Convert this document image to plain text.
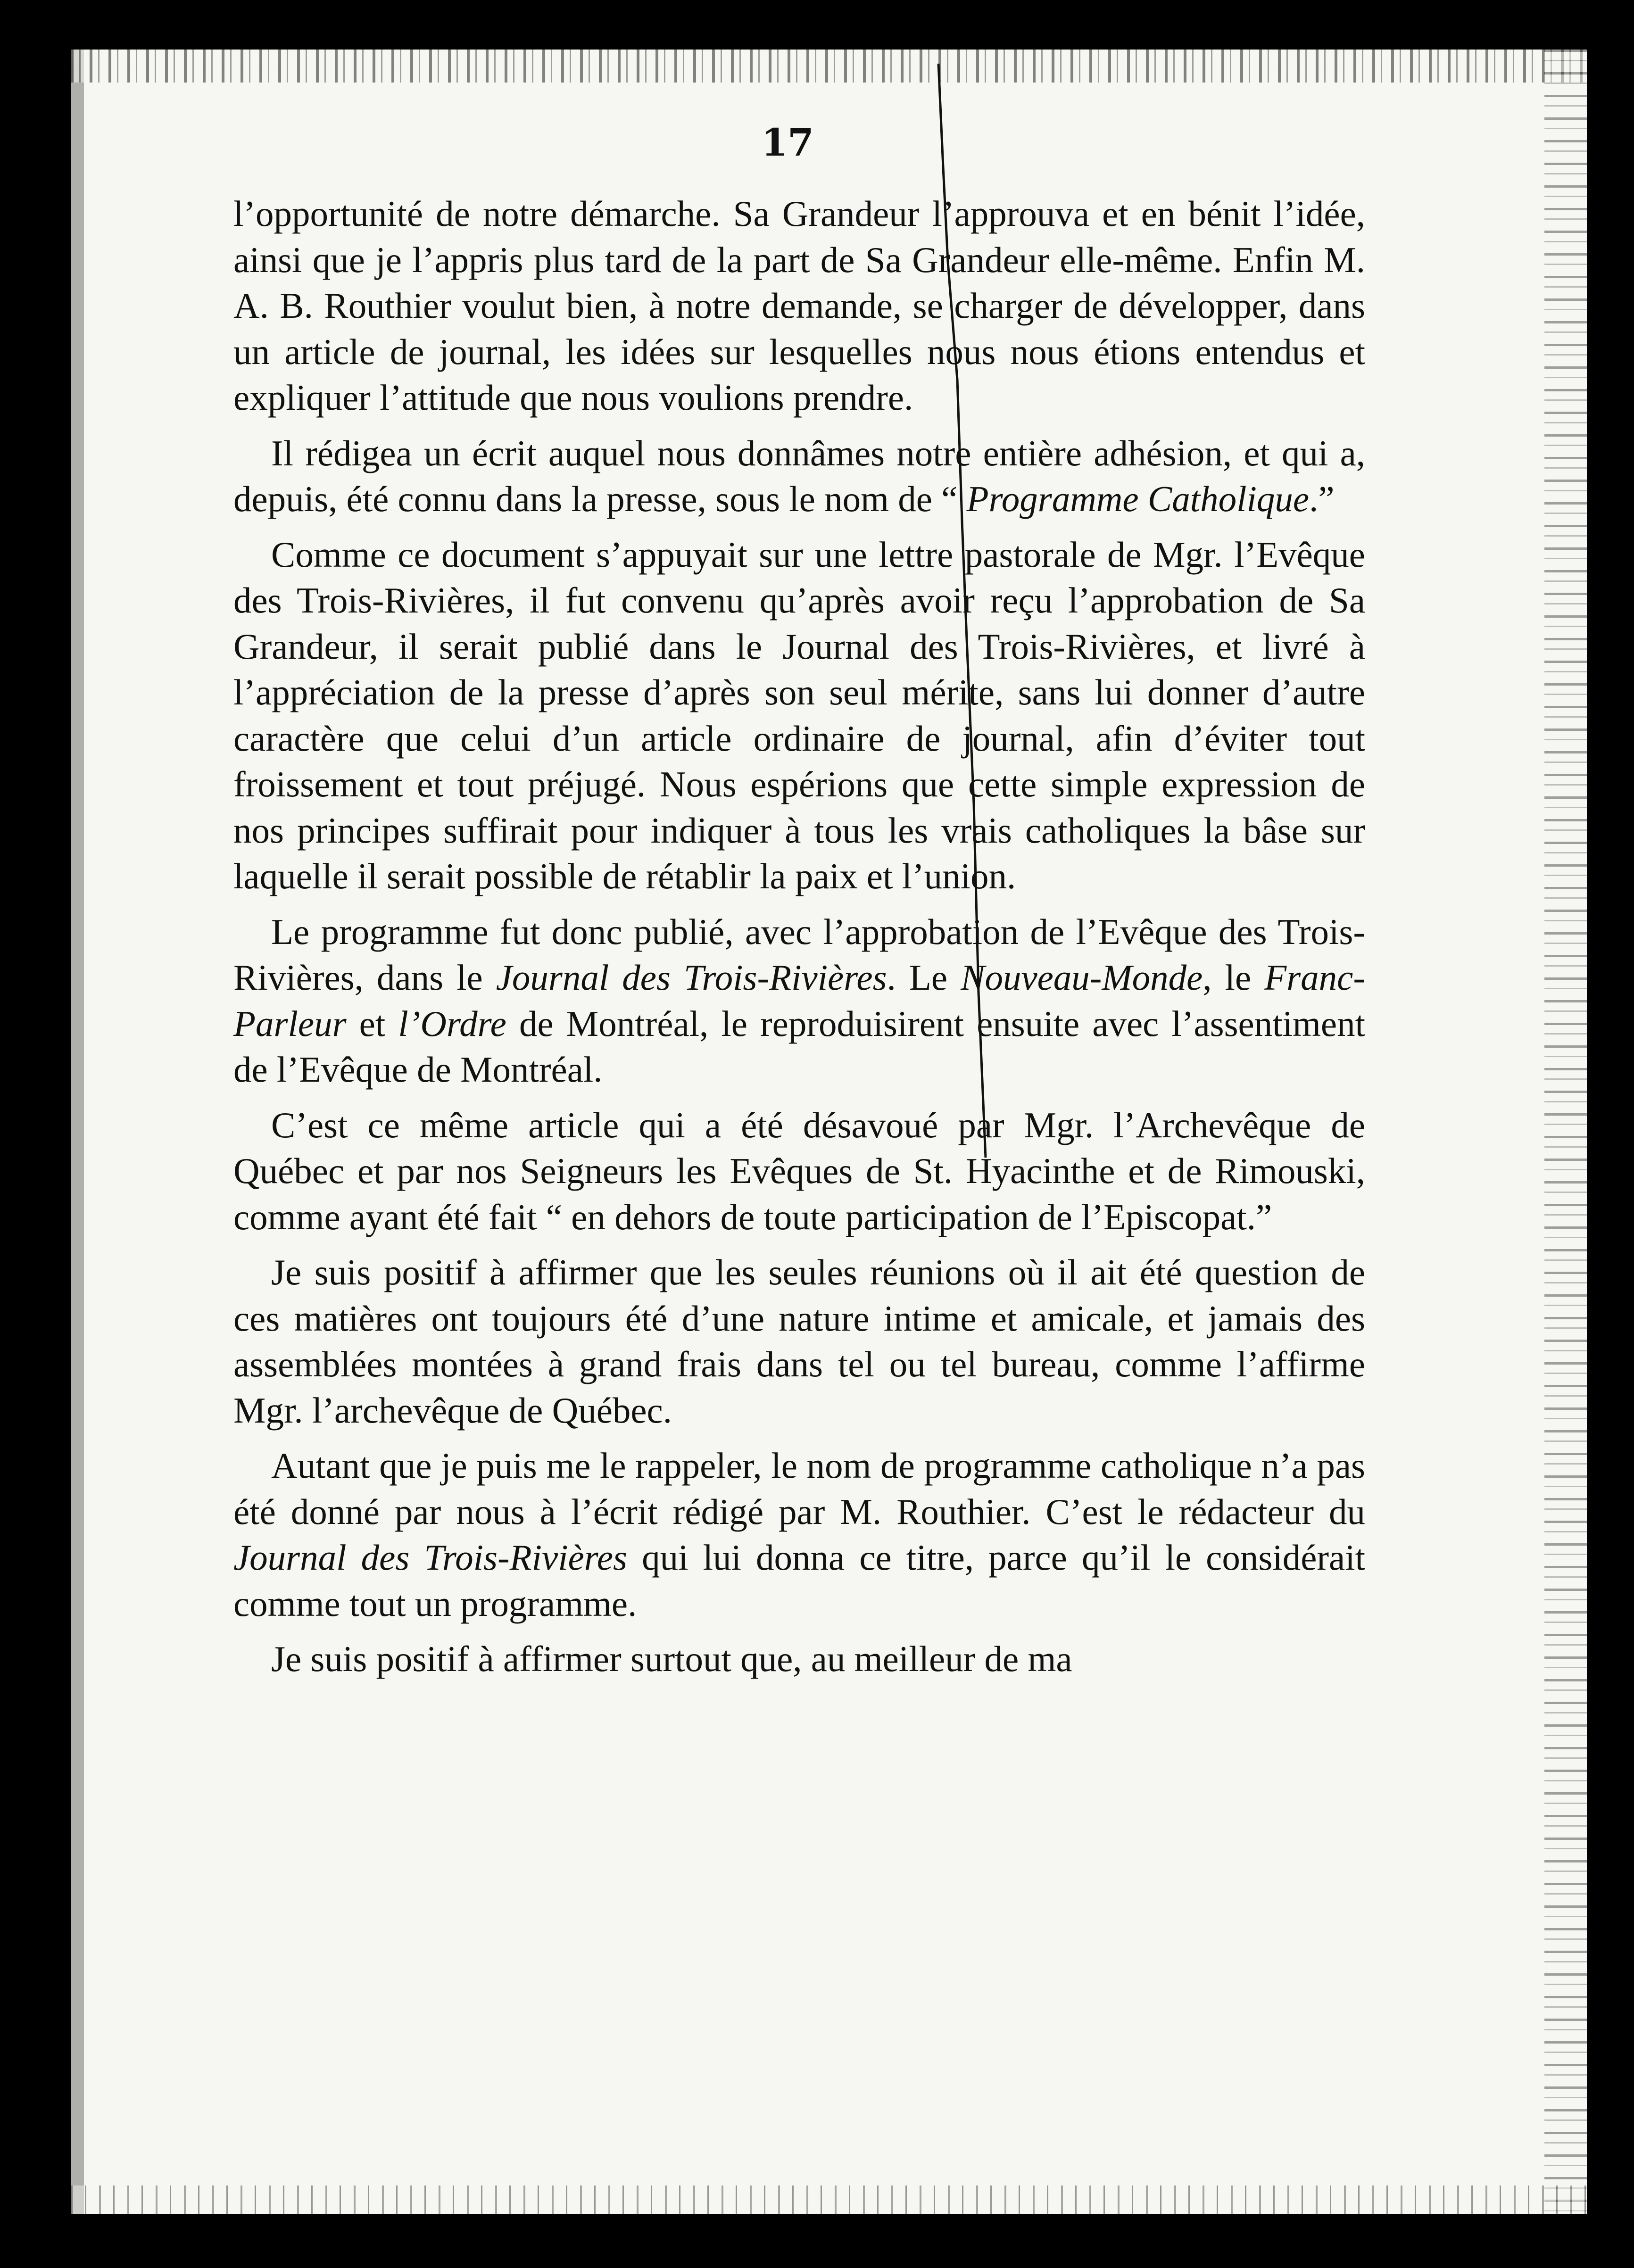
17

l’opportunité de notre démarche. Sa Grandeur l’approuva et en bénit l’idée, ainsi que je l’appris plus tard de la part de Sa Grandeur elle-même. Enfin M. A. B. Routhier voulut bien, à notre demande, se charger de développer, dans un article de journal, les idées sur lesquelles nous nous étions entendus et expliquer l’attitude que nous voulions prendre.

Il rédigea un écrit auquel nous donnâmes notre entière adhésion, et qui a, depuis, été connu dans la presse, sous le nom de “ Programme Catholique.”

Comme ce document s’appuyait sur une lettre pastorale de Mgr. l’Evêque des Trois-Rivières, il fut convenu qu’après avoir reçu l’approbation de Sa Grandeur, il serait publié dans le Journal des Trois-Rivières, et livré à l’appréciation de la presse d’après son seul mérite, sans lui donner d’autre caractère que celui d’un article ordinaire de journal, afin d’éviter tout froissement et tout préjugé. Nous espérions que cette simple expression de nos principes suffirait pour indiquer à tous les vrais catholiques la bâse sur laquelle il serait possible de rétablir la paix et l’union.

Le programme fut donc publié, avec l’approbation de l’Evêque des Trois-Rivières, dans le Journal des Trois-Rivières. Le Nouveau-Monde, le Franc-Parleur et l’Ordre de Montréal, le reproduisirent ensuite avec l’assentiment de l’Evêque de Montréal.

C’est ce même article qui a été désavoué par Mgr. l’Archevêque de Québec et par nos Seigneurs les Evêques de St. Hyacinthe et de Rimouski, comme ayant été fait “ en dehors de toute participation de l’Episcopat.”

Je suis positif à affirmer que les seules réunions où il ait été question de ces matières ont toujours été d’une nature intime et amicale, et jamais des assemblées montées à grand frais dans tel ou tel bureau, comme l’affirme Mgr. l’archevêque de Québec.

Autant que je puis me le rappeler, le nom de programme catholique n’a pas été donné par nous à l’écrit rédigé par M. Routhier. C’est le rédacteur du Journal des Trois-Rivières qui lui donna ce titre, parce qu’il le considérait comme tout un programme.

Je suis positif à affirmer surtout que, au meilleur de ma
